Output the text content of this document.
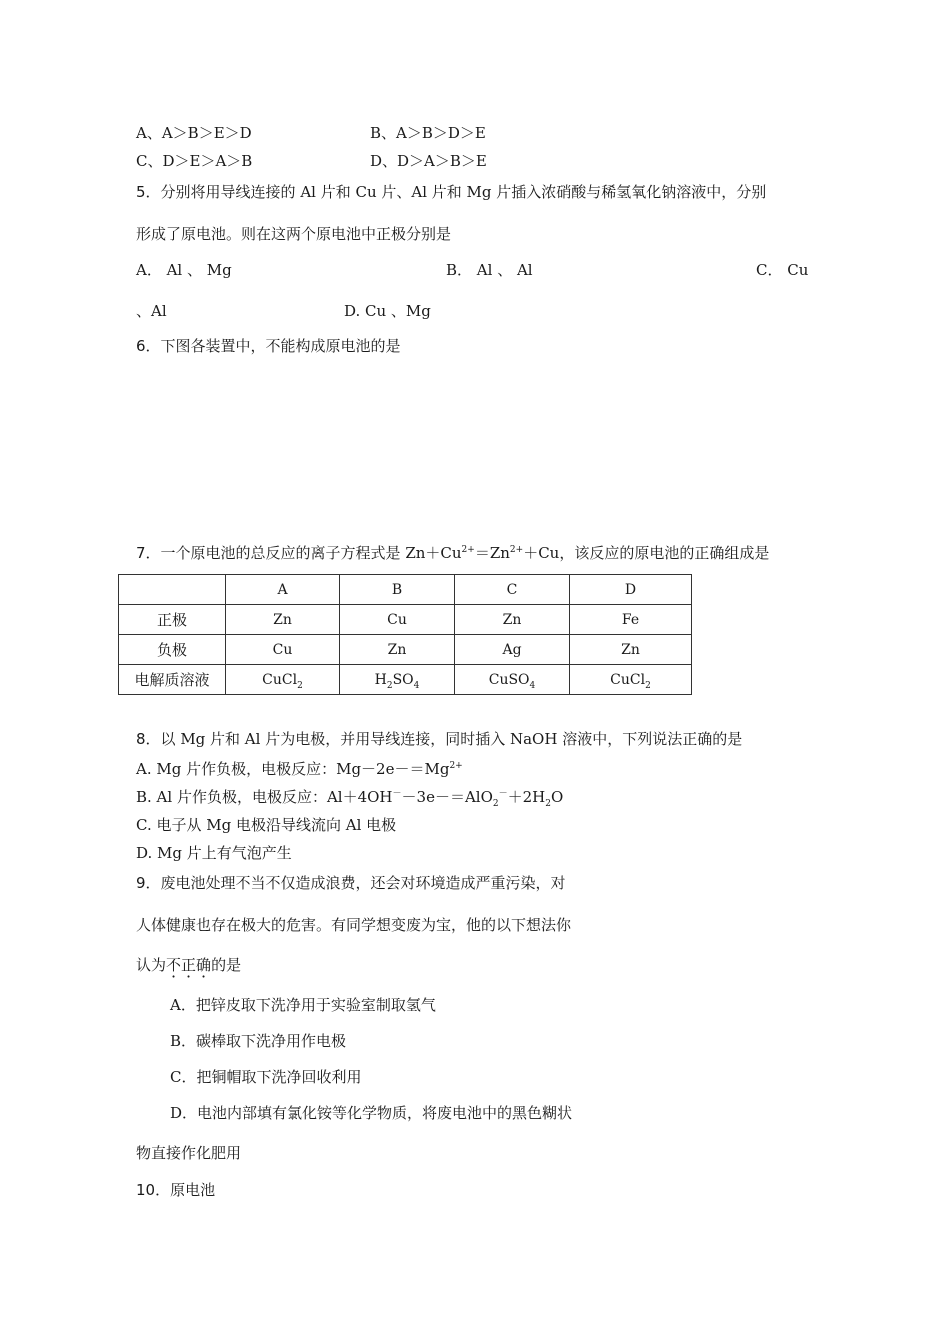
A、A＞B＞E＞D	B、A＞B＞D＞E
C、D＞E＞A＞B	D、D＞A＞B＞E
5．分别将用导线连接的 Al 片和 Cu 片、Al 片和 Mg 片插入浓硝酸与稀氢氧化钠溶液中，分别
形成了原电池。则在这两个原电池中正极分别是
A． Al 、 Mg	B． Al 、 Al	C． Cu
、Al	D. Cu 、Mg
6．下图各装置中，不能构成原电池的是
7．一个原电池的总反应的离子方程式是 $Zn+Cu^{2+}=Zn^{2+}+Cu$，该反应的原电池的正确组成是
	A	B	C	D
正极	Zn	Cu	Zn	Fe
负极	Cu	Zn	Ag	Zn
电解质溶液	CuCl$_2$	$H_2SO_4$	CuSO$_4$	CuCl$_2$
8．以 Mg 片和 Al 片为电极，并用导线连接，同时插入 NaOH 溶液中，下列说法正确的是
A. Mg 片作负极，电极反应：$Mg-2e-=Mg^{2+}$
B. Al 片作负极，电极反应：$Al+4OH^--3e-=AlO_2^-+2H_2O$
C. 电子从 Mg 电极沿导线流向 Al 电极
D. Mg 片上有气泡产生
9．废电池处理不当不仅造成浪费，还会对环境造成严重污染，对
人体健康也存在极大的危害。有同学想变废为宝，他的以下想法你
认为不正确的是
A．把锌皮取下洗净用于实验室制取氢气
B．碳棒取下洗净用作电极
C．把铜帽取下洗净回收利用
D．电池内部填有氯化铵等化学物质，将废电池中的黑色糊状
物直接作化肥用
10．原电池
